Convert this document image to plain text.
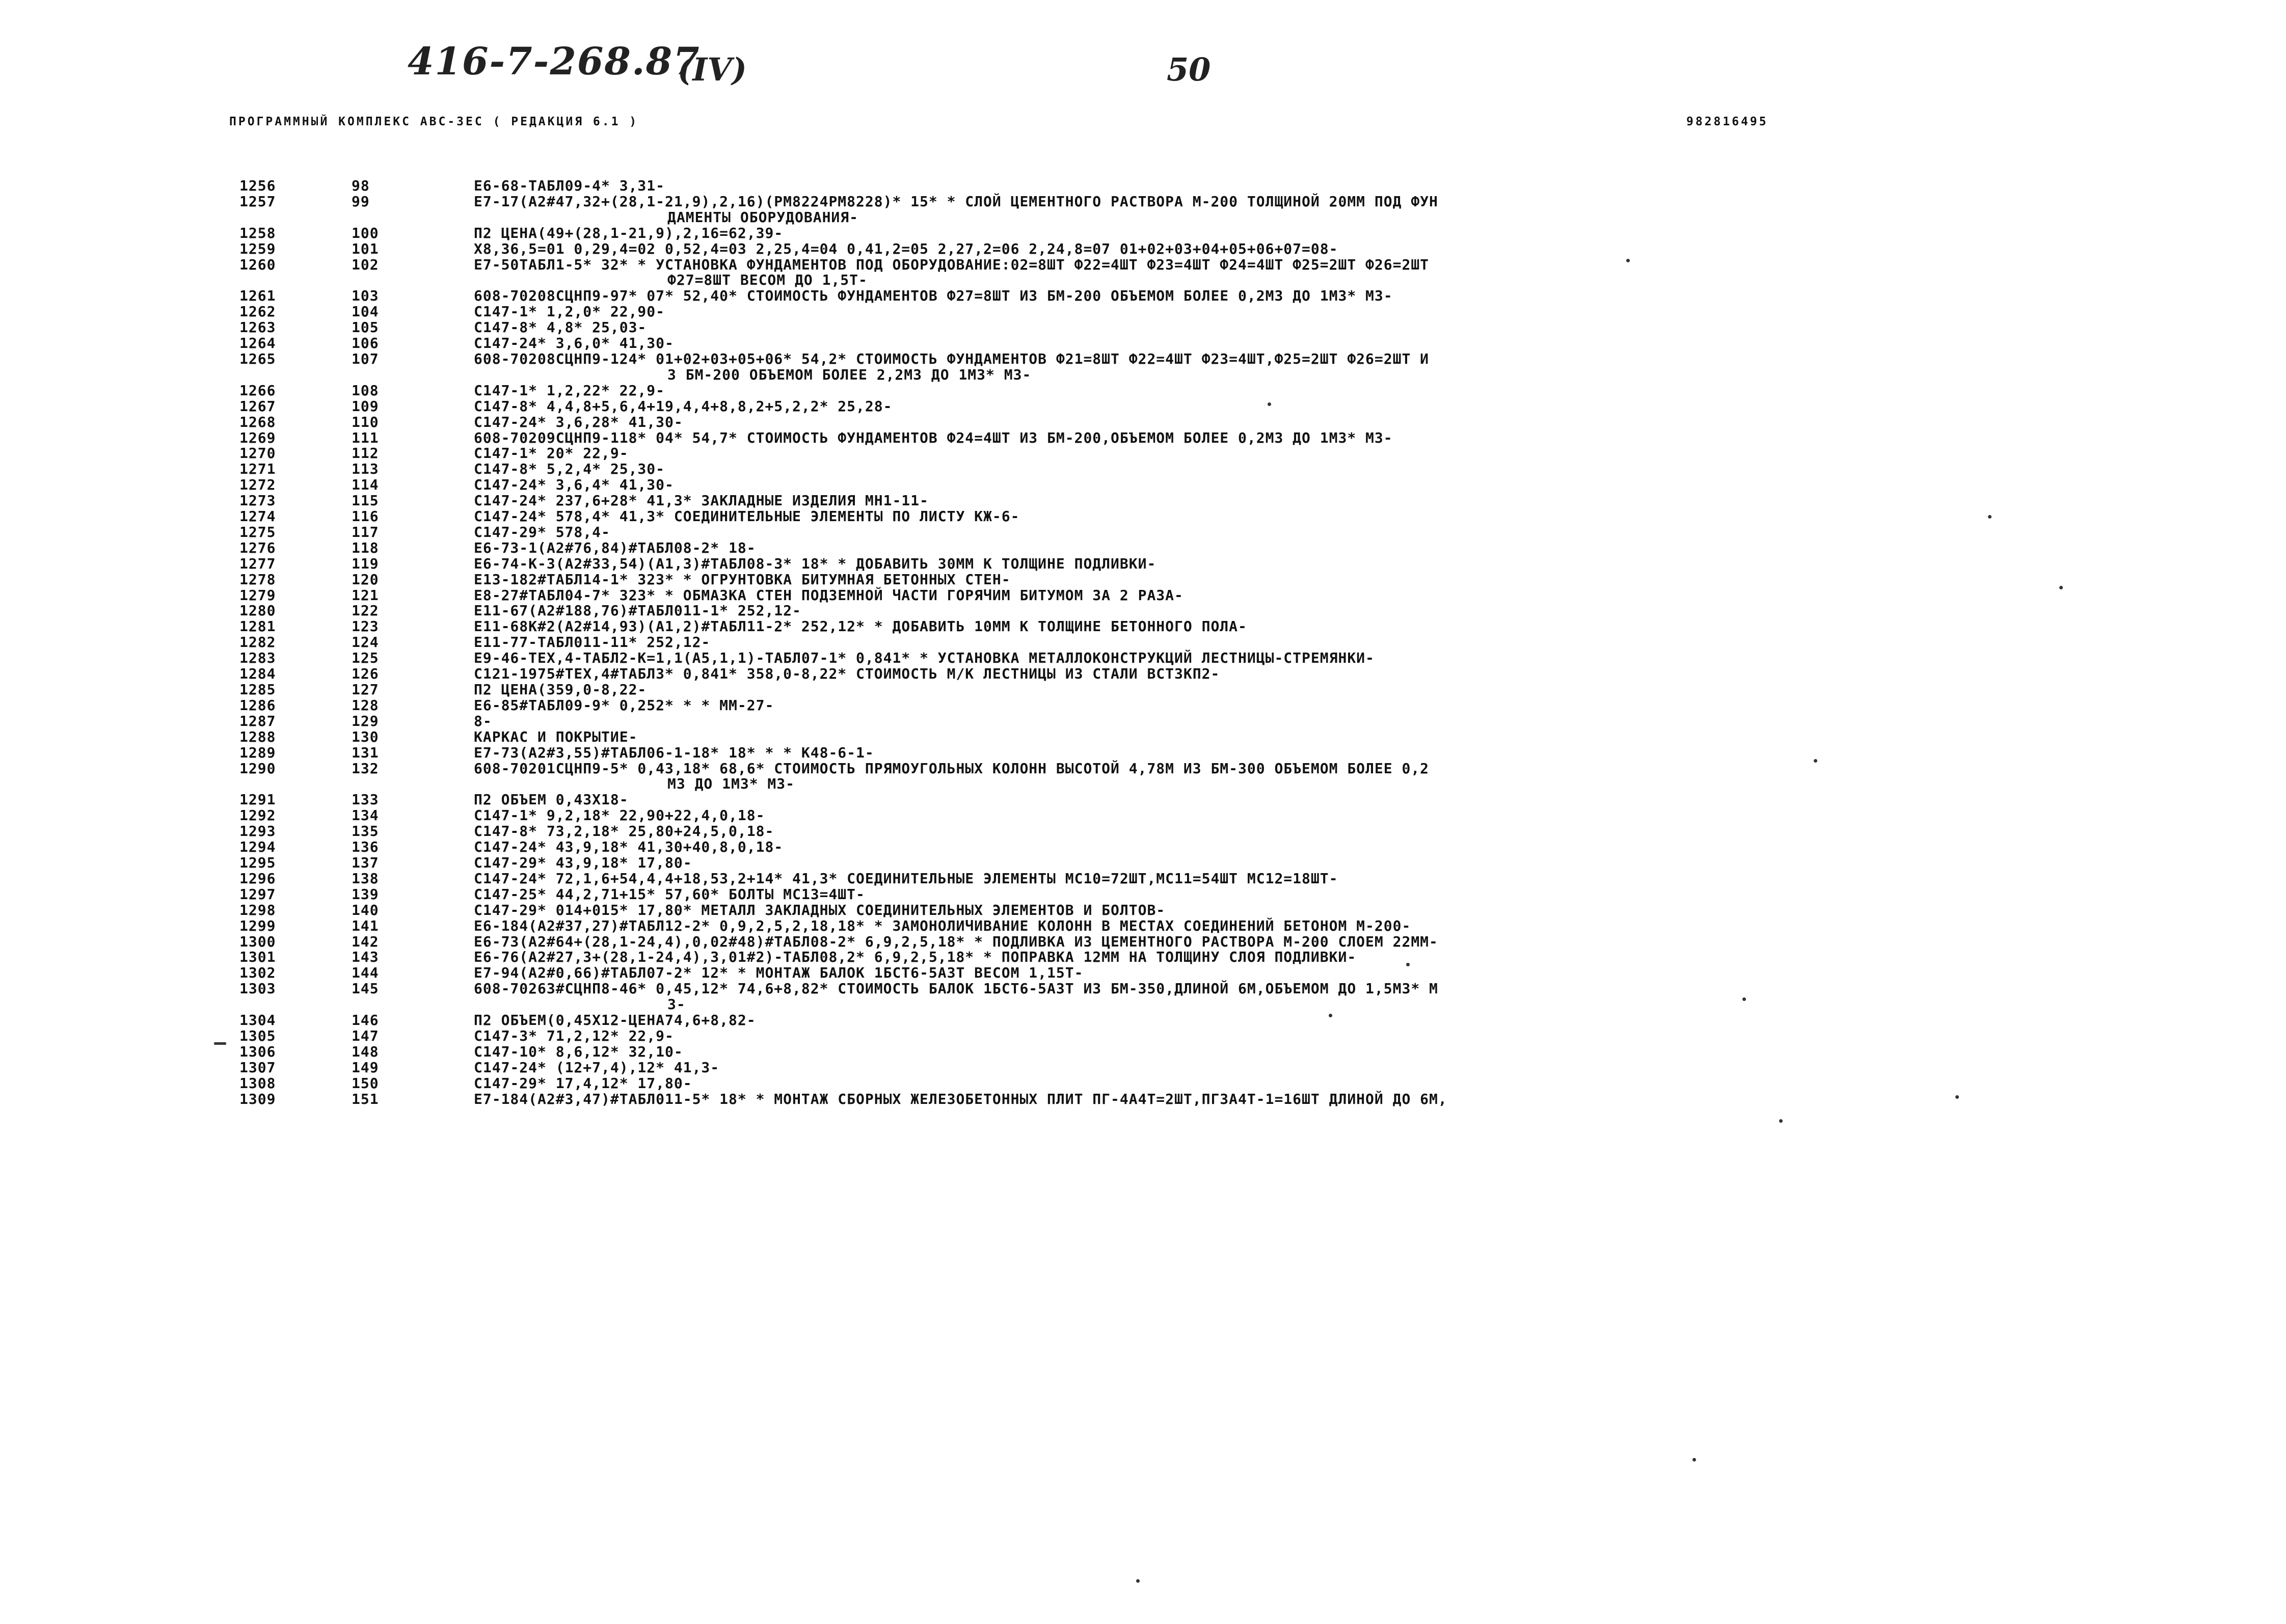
416-7-268.87
(IV)	50
ПРОГРАММНЫЙ КОМПЛЕКС АВС-ЗЕС ( РЕДАКЦИЯ 6.1 )	982816495
1256	98	Е6-68-ТАБЛ09-4* 3,31-
1257	99	Е7-17(А2#47,32+(28,1-21,9),2,16)(РМ8224РМ8228)* 15* * СЛОЙ ЦЕМЕНТНОГО РАСТВОРА М-200 ТОЛЩИНОЙ 20ММ ПОД ФУН
ДАМЕНТЫ ОБОРУДОВАНИЯ-
1258	100	П2 ЦЕНА(49+(28,1-21,9),2,16=62,39-
1259	101	Х8,36,5=01 0,29,4=02 0,52,4=03 2,25,4=04 0,41,2=05 2,27,2=06 2,24,8=07 01+02+03+04+05+06+07=08-
1260	102	Е7-50ТАБЛ1-5* 32* * УСТАНОВКА ФУНДАМЕНТОВ ПОД ОБОРУДОВАНИЕ:02=8ШТ Ф22=4ШТ Ф23=4ШТ Ф24=4ШТ Ф25=2ШТ Ф26=2ШТ
Ф27=8ШТ ВЕСОМ ДО 1,5Т-
1261	103	608-70208СЦНП9-97* 07* 52,40* СТОИМОСТЬ ФУНДАМЕНТОВ Ф27=8ШТ ИЗ БМ-200 ОБЪЕМОМ БОЛЕЕ 0,2М3 ДО 1М3* М3-
1262	104	С147-1* 1,2,0* 22,90-
1263	105	С147-8* 4,8* 25,03-
1264	106	С147-24* 3,6,0* 41,30-
1265	107	608-70208СЦНП9-124* 01+02+03+05+06* 54,2* СТОИМОСТЬ ФУНДАМЕНТОВ Ф21=8ШТ Ф22=4ШТ Ф23=4ШТ,Ф25=2ШТ Ф26=2ШТ И
З БМ-200 ОБЪЕМОМ БОЛЕЕ 2,2М3 ДО 1М3* М3-
1266	108	С147-1* 1,2,22* 22,9-
1267	109	С147-8* 4,4,8+5,6,4+19,4,4+8,8,2+5,2,2* 25,28-
1268	110	С147-24* 3,6,28* 41,30-
1269	111	608-70209СЦНП9-118* 04* 54,7* СТОИМОСТЬ ФУНДАМЕНТОВ Ф24=4ШТ ИЗ БМ-200,ОБЪЕМОМ БОЛЕЕ 0,2М3 ДО 1М3* М3-
1270	112	С147-1* 20* 22,9-
1271	113	С147-8* 5,2,4* 25,30-
1272	114	С147-24* 3,6,4* 41,30-
1273	115	С147-24* 237,6+28* 41,3* ЗАКЛАДНЫЕ ИЗДЕЛИЯ МН1-11-
1274	116	С147-24* 578,4* 41,3* СОЕДИНИТЕЛЬНЫЕ ЭЛЕМЕНТЫ ПО ЛИСТУ КЖ-6-
1275	117	С147-29* 578,4-
1276	118	Е6-73-1(А2#76,84)#ТАБЛ08-2* 18-
1277	119	Е6-74-К-3(А2#33,54)(А1,3)#ТАБЛ08-3* 18* * ДОБАВИТЬ 30ММ К ТОЛЩИНЕ ПОДЛИВКИ-
1278	120	Е13-182#ТАБЛ14-1* 323* * ОГРУНТОВКА БИТУМНАЯ БЕТОННЫХ СТЕН-
1279	121	Е8-27#ТАБЛ04-7* 323* * ОБМАЗКА СТЕН ПОДЗЕМНОЙ ЧАСТИ ГОРЯЧИМ БИТУМОМ ЗА 2 РАЗА-
1280	122	Е11-67(А2#188,76)#ТАБЛ011-1* 252,12-
1281	123	Е11-68К#2(А2#14,93)(А1,2)#ТАБЛ11-2* 252,12* * ДОБАВИТЬ 10ММ К ТОЛЩИНЕ БЕТОННОГО ПОЛА-
1282	124	Е11-77-ТАБЛ011-11* 252,12-
1283	125	Е9-46-ТЕХ,4-ТАБЛ2-К=1,1(А5,1,1)-ТАБЛ07-1* 0,841* * УСТАНОВКА МЕТАЛЛОКОНСТРУКЦИЙ ЛЕСТНИЦЫ-СТРЕМЯНКИ-
1284	126	С121-1975#ТЕХ,4#ТАБЛ3* 0,841* 358,0-8,22* СТОИМОСТЬ М/К ЛЕСТНИЦЫ ИЗ СТАЛИ ВСТ3КП2-
1285	127	П2 ЦЕНА(359,0-8,22-
1286	128	Е6-85#ТАБЛ09-9* 0,252* * * ММ-27-
1287	129	8-
1288	130	КАРКАС И ПОКРЫТИЕ-
1289	131	Е7-73(А2#3,55)#ТАБЛ06-1-18* 18* * * К48-6-1-
1290	132	608-70201СЦНП9-5* 0,43,18* 68,6* СТОИМОСТЬ ПРЯМОУГОЛЬНЫХ КОЛОНН ВЫСОТОЙ 4,78М ИЗ БМ-300 ОБЪЕМОМ БОЛЕЕ 0,2
М3 ДО 1М3* М3-
1291	133	П2 ОБЪЕМ 0,43Х18-
1292	134	С147-1* 9,2,18* 22,90+22,4,0,18-
1293	135	С147-8* 73,2,18* 25,80+24,5,0,18-
1294	136	С147-24* 43,9,18* 41,30+40,8,0,18-
1295	137	С147-29* 43,9,18* 17,80-
1296	138	С147-24* 72,1,6+54,4,4+18,53,2+14* 41,3* СОЕДИНИТЕЛЬНЫЕ ЭЛЕМЕНТЫ МС10=72ШТ,МС11=54ШТ МС12=18ШТ-
1297	139	С147-25* 44,2,71+15* 57,60* БОЛТЫ МС13=4ШТ-
1298	140	С147-29* 014+015* 17,80* МЕТАЛЛ ЗАКЛАДНЫХ СОЕДИНИТЕЛЬНЫХ ЭЛЕМЕНТОВ И БОЛТОВ-
1299	141	Е6-184(А2#37,27)#ТАБЛ12-2* 0,9,2,5,2,18,18* * ЗАМОНОЛИЧИВАНИЕ КОЛОНН В МЕСТАХ СОЕДИНЕНИЙ БЕТОНОМ М-200-
1300	142	Е6-73(А2#64+(28,1-24,4),0,02#48)#ТАБЛ08-2* 6,9,2,5,18* * ПОДЛИВКА ИЗ ЦЕМЕНТНОГО РАСТВОРА М-200 СЛОЕМ 22ММ-
1301	143	Е6-76(А2#27,3+(28,1-24,4),3,01#2)-ТАБЛ08,2* 6,9,2,5,18* * ПОПРАВКА 12ММ НА ТОЛЩИНУ СЛОЯ ПОДЛИВКИ-
1302	144	Е7-94(А2#0,66)#ТАБЛ07-2* 12* * МОНТАЖ БАЛОК 1БСТ6-5АЗТ ВЕСОМ 1,15Т-
1303	145	608-70263#СЦНП8-46* 0,45,12* 74,6+8,82* СТОИМОСТЬ БАЛОК 1БСТ6-5АЗТ ИЗ БМ-350,ДЛИНОЙ 6М,ОБЪЕМОМ ДО 1,5М3* М
3-
1304	146	П2 ОБЪЕМ(0,45Х12-ЦЕНА74,6+8,82-
1305	147	С147-3* 71,2,12* 22,9-
1306	148	С147-10* 8,6,12* 32,10-
1307	149	С147-24* (12+7,4),12* 41,3-
1308	150	С147-29* 17,4,12* 17,80-
1309	151	Е7-184(А2#3,47)#ТАБЛ011-5* 18* * МОНТАЖ СБОРНЫХ ЖЕЛЕЗОБЕТОННЫХ ПЛИТ ПГ-4А4Т=2ШТ,ПГЗА4Т-1=16ШТ ДЛИНОЙ ДО 6М,
